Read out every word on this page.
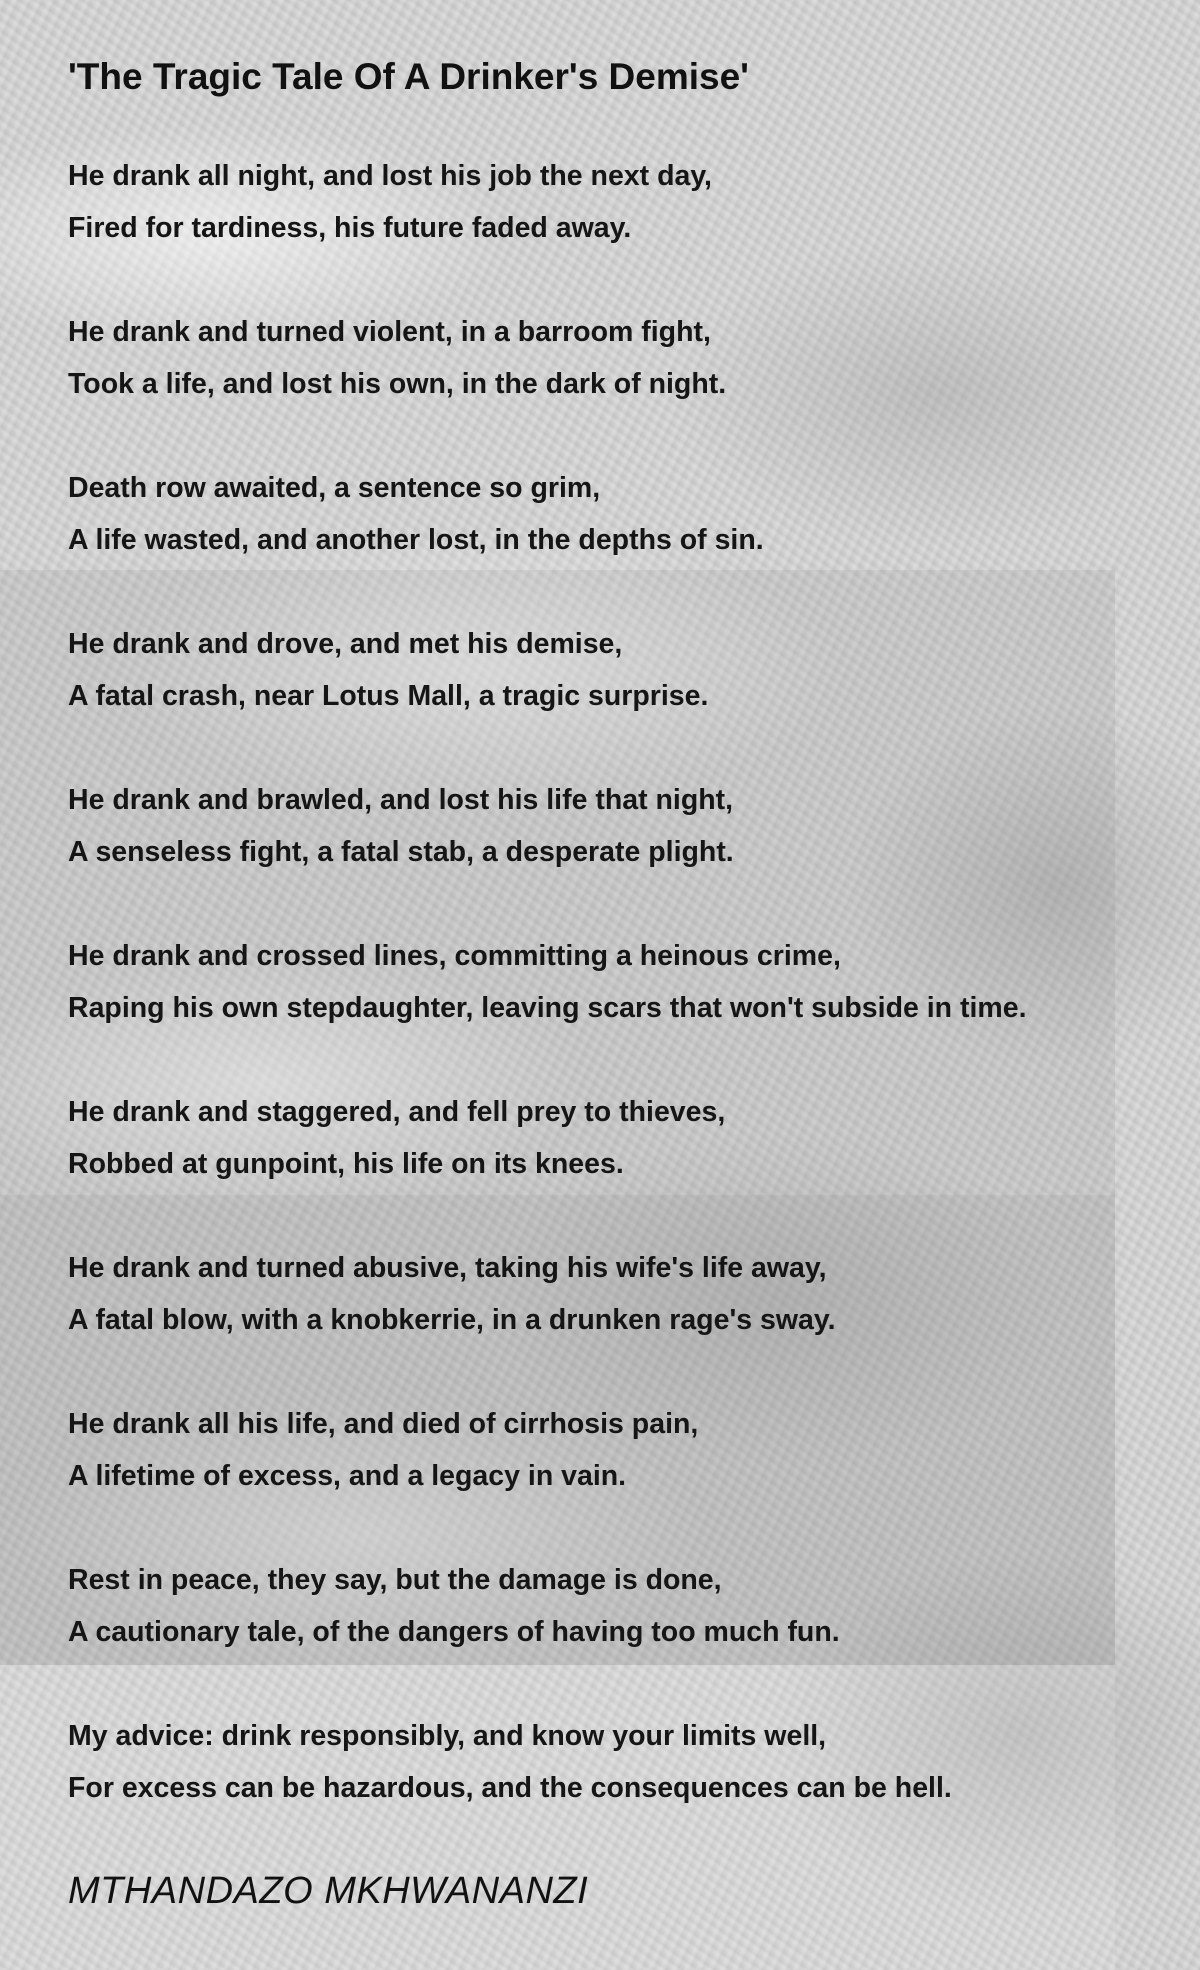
'The Tragic Tale Of A Drinker's Demise'
He drank all night, and lost his job the next day,
Fired for tardiness, his future faded away.
He drank and turned violent, in a barroom fight,
Took a life, and lost his own, in the dark of night.
Death row awaited, a sentence so grim,
A life wasted, and another lost, in the depths of sin.
He drank and drove, and met his demise,
A fatal crash, near Lotus Mall, a tragic surprise.
He drank and brawled, and lost his life that night,
A senseless fight, a fatal stab, a desperate plight.
He drank and crossed lines, committing a heinous crime,
Raping his own stepdaughter, leaving scars that won't subside in time.
He drank and staggered, and fell prey to thieves,
Robbed at gunpoint, his life on its knees.
He drank and turned abusive, taking his wife's life away,
A fatal blow, with a knobkerrie, in a drunken rage's sway.
He drank all his life, and died of cirrhosis pain,
A lifetime of excess, and a legacy in vain.
Rest in peace, they say, but the damage is done,
A cautionary tale, of the dangers of having too much fun.
My advice: drink responsibly, and know your limits well,
For excess can be hazardous, and the consequences can be hell.
MTHANDAZO MKHWANANZI
